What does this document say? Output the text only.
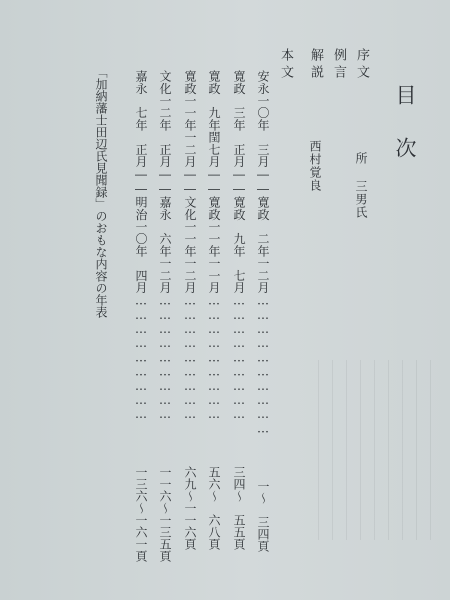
目次
序文
所 三男氏
例言
解説
西村覚良
本文
安永一〇年　三月――寛政　二年一二月…………………………
一～　三四頁
寛政　三年　正月――寛政　九年　七月………………………
三四～　五五頁
寛政　九年閏七月――寛政一一年一一月………………………
五六～　六八頁
寛政一一年一二月――文化一一年一二月………………………
六九～一一六頁
文化一二年　正月――嘉永　六年一二月………………………
一一六～一三五頁
嘉永　七年　正月――明治一〇年　四月………………………
一三六～一六一頁
「加納藩士田辺氏見聞録」のおもな内容の年表
